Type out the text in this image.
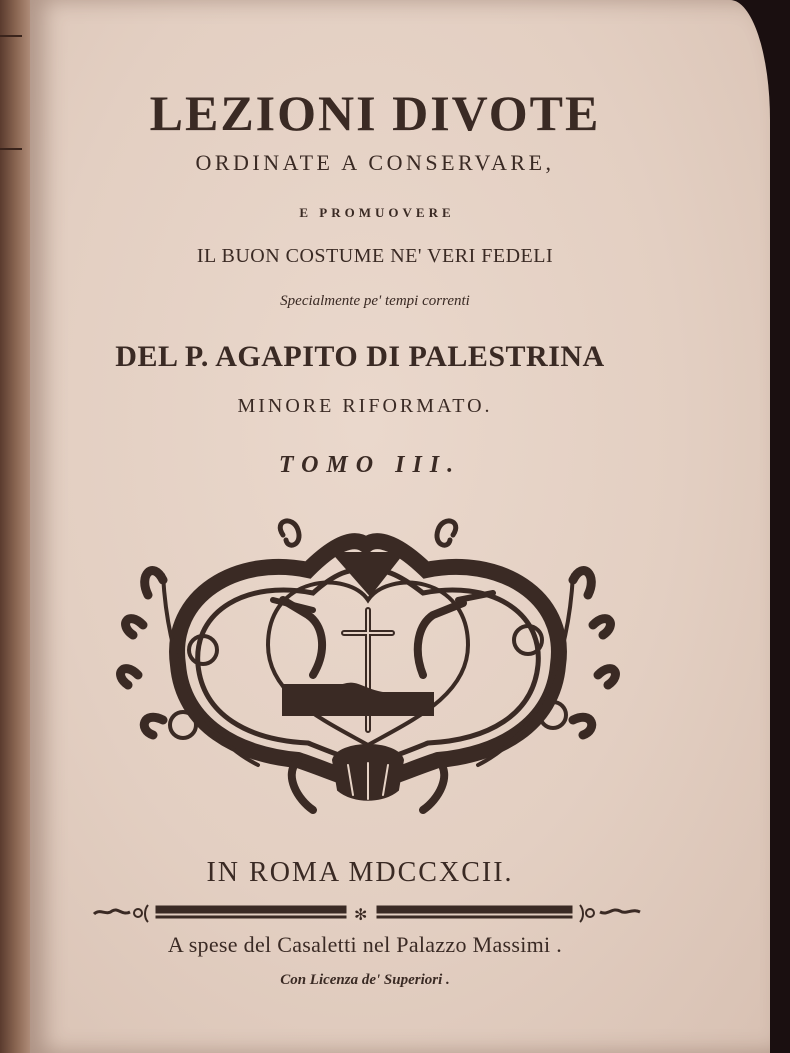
LEZIONI DIVOTE
ORDINATE A CONSERVARE,
E PROMUOVERE
IL BUON COSTUME NE' VERI FEDELI
Specialmente pe' tempi correnti
DEL P. AGAPITO DI PALESTRINA
MINORE RIFORMATO.
TOMO III.
IN ROMA MDCCXCII.
✻
A spese del Casaletti nel Palazzo Massimi .
Con Licenza de' Superiori .
